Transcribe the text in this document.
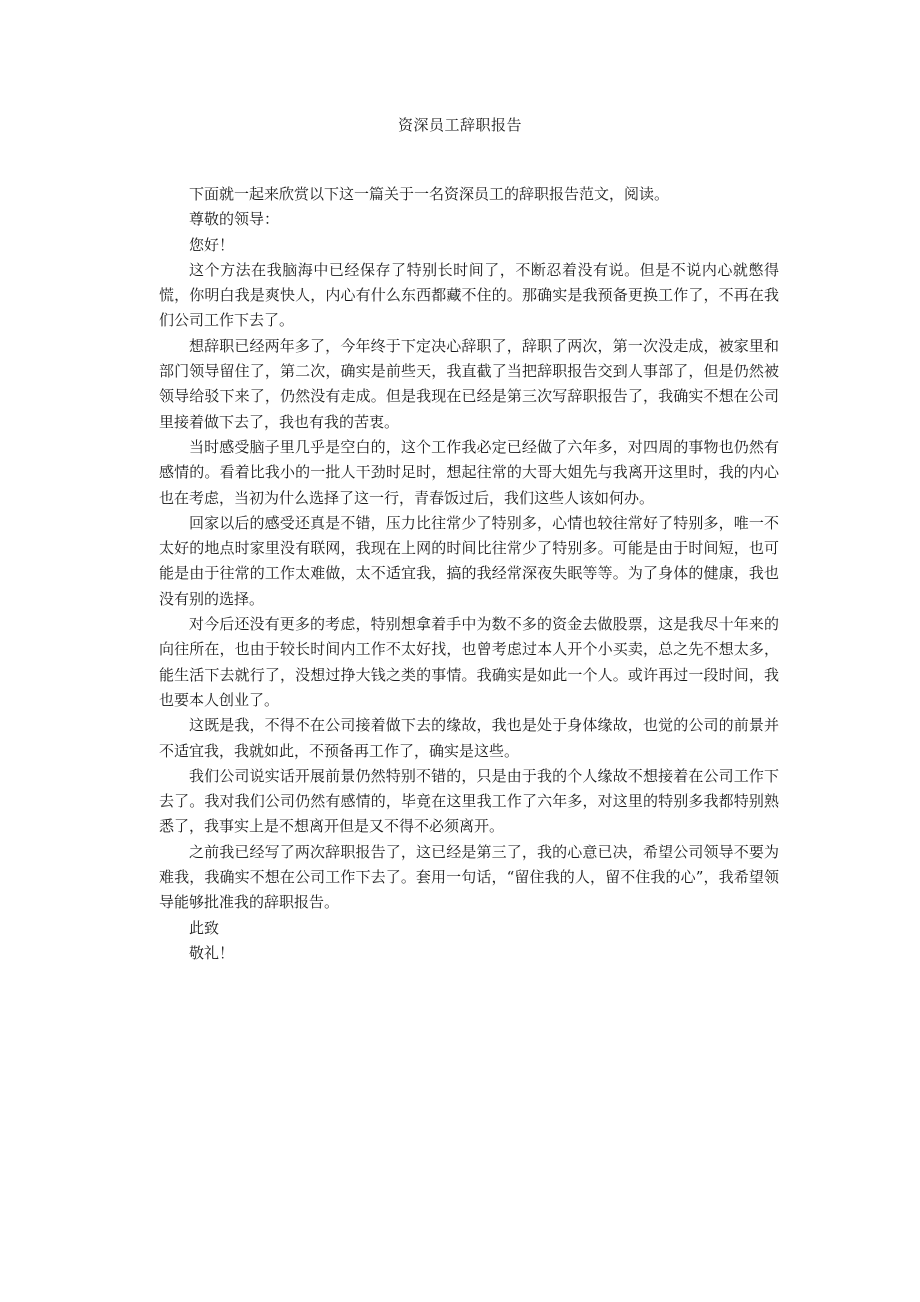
资深员工辞职报告

下面就一起来欣赏以下这一篇关于一名资深员工的辞职报告范文，阅读。

尊敬的领导：

您好！

这个方法在我脑海中已经保存了特别长时间了，不断忍着没有说。但是不说内心就憋得慌，你明白我是爽快人，内心有什么东西都藏不住的。那确实是我预备更换工作了，不再在我们公司工作下去了。

想辞职已经两年多了，今年终于下定决心辞职了，辞职了两次，第一次没走成，被家里和部门领导留住了，第二次，确实是前些天，我直截了当把辞职报告交到人事部了，但是仍然被领导给驳下来了，仍然没有走成。但是我现在已经是第三次写辞职报告了，我确实不想在公司里接着做下去了，我也有我的苦衷。

当时感受脑子里几乎是空白的，这个工作我必定已经做了六年多，对四周的事物也仍然有感情的。看着比我小的一批人干劲时足时，想起往常的大哥大姐先与我离开这里时，我的内心也在考虑，当初为什么选择了这一行，青春饭过后，我们这些人该如何办。

回家以后的感受还真是不错，压力比往常少了特别多，心情也较往常好了特别多，唯一不太好的地点时家里没有联网，我现在上网的时间比往常少了特别多。可能是由于时间短，也可能是由于往常的工作太难做，太不适宜我，搞的我经常深夜失眠等等。为了身体的健康，我也没有别的选择。

对今后还没有更多的考虑，特别想拿着手中为数不多的资金去做股票，这是我尽十年来的向往所在，也由于较长时间内工作不太好找，也曾考虑过本人开个小买卖，总之先不想太多，能生活下去就行了，没想过挣大钱之类的事情。我确实是如此一个人。或许再过一段时间，我也要本人创业了。

这既是我，不得不在公司接着做下去的缘故，我也是处于身体缘故，也觉的公司的前景并不适宜我，我就如此，不预备再工作了，确实是这些。

我们公司说实话开展前景仍然特别不错的，只是由于我的个人缘故不想接着在公司工作下去了。我对我们公司仍然有感情的，毕竟在这里我工作了六年多，对这里的特别多我都特别熟悉了，我事实上是不想离开但是又不得不必须离开。

之前我已经写了两次辞职报告了，这已经是第三了，我的心意已决，希望公司领导不要为难我，我确实不想在公司工作下去了。套用一句话，“留住我的人，留不住我的心”，我希望领导能够批准我的辞职报告。

此致

敬礼！
